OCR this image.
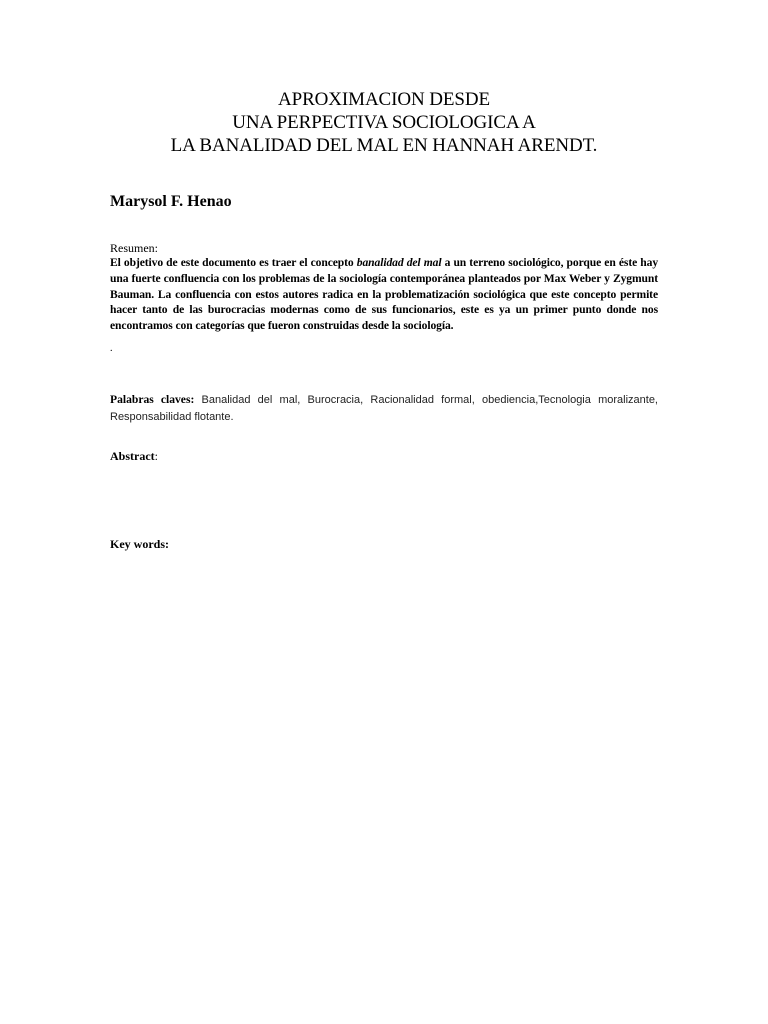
APROXIMACION DESDE
UNA PERPECTIVA SOCIOLOGICA A
LA BANALIDAD DEL MAL EN HANNAH ARENDT.
Marysol F. Henao
Resumen:
El objetivo de este documento es traer el concepto banalidad del mal a un terreno sociológico, porque en éste hay una fuerte confluencia con los problemas de la sociología contemporánea planteados por Max Weber y Zygmunt Bauman. La confluencia con estos autores radica en la problematización sociológica que este concepto permite hacer tanto de las burocracias modernas como de sus funcionarios, este es ya un primer punto donde nos encontramos con categorías que fueron construidas desde la sociología.
.
Palabras claves: Banalidad del mal, Burocracia, Racionalidad formal, obediencia,Tecnologia moralizante, Responsabilidad flotante.
Abstract:
Key words:
